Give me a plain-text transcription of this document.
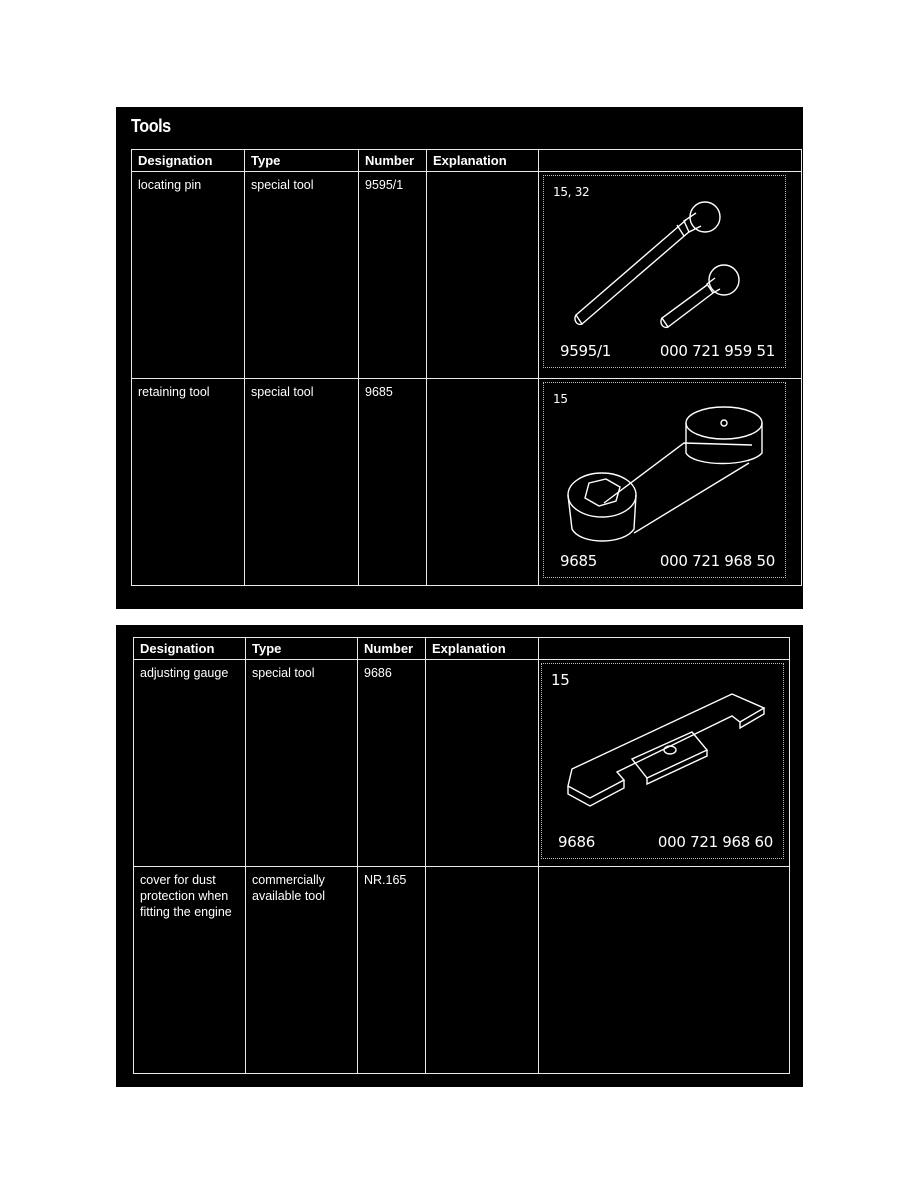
Tools
Designation	Type	Number	Explanation	
locating pin	special tool	9595/1		15, 32
9595/1 000 721 959 51

retaining tool	special tool	9685		15
9685 000 721 968 50
Designation	Type	Number	Explanation	
adjusting gauge	special tool	9686		15
9686 000 721 968 60

cover for dust protection when fitting the engine	commercially available tool	NR.165		
